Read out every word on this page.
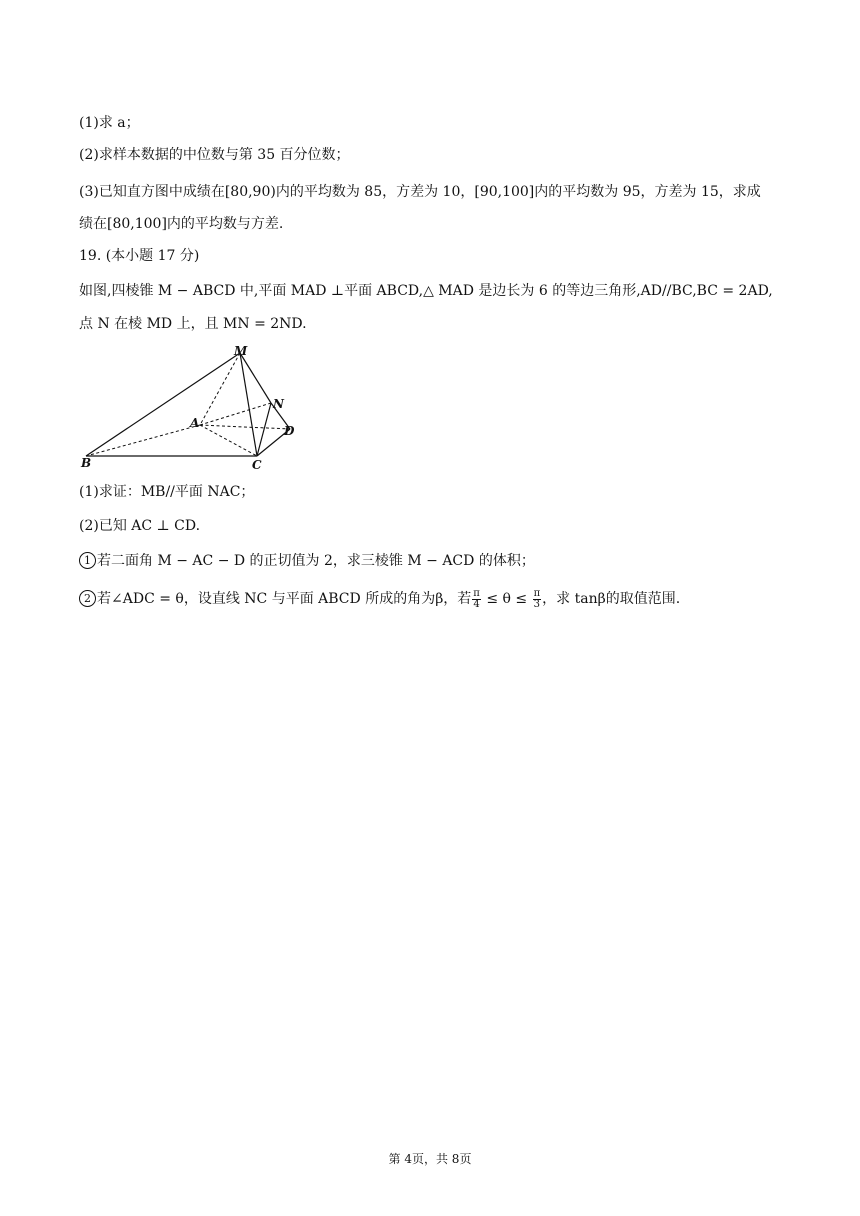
(1)求 a；
(2)求样本数据的中位数与第 35 百分位数；
(3)已知直方图中成绩在[80,90)内的平均数为 85，方差为 10，[90,100]内的平均数为 95，方差为 15，求成
绩在[80,100]内的平均数与方差.
19. (本小题 17 分)
如图,四棱锥 M − ABCD 中,平面 MAD ⊥平面 ABCD,△ MAD 是边长为 6 的等边三角形,AD//BC,BC = 2AD,
点 N 在棱 MD 上，且 MN = 2ND.
M
A
N
D
B	C
(1)求证：MB//平面 NAC；
(2)已知 AC ⊥ CD.
1 若二面角 M − AC − D 的正切值为 2，求三棱锥 M − ACD 的体积；
2 若∠ADC = θ，设直线 NC 与平面 ABCD 所成的角为β，若 $\frac{\pi}{4} \le \theta \le \frac{\pi}{3}$ ，求 tanβ的取值范围.
第 4页，共 8页
